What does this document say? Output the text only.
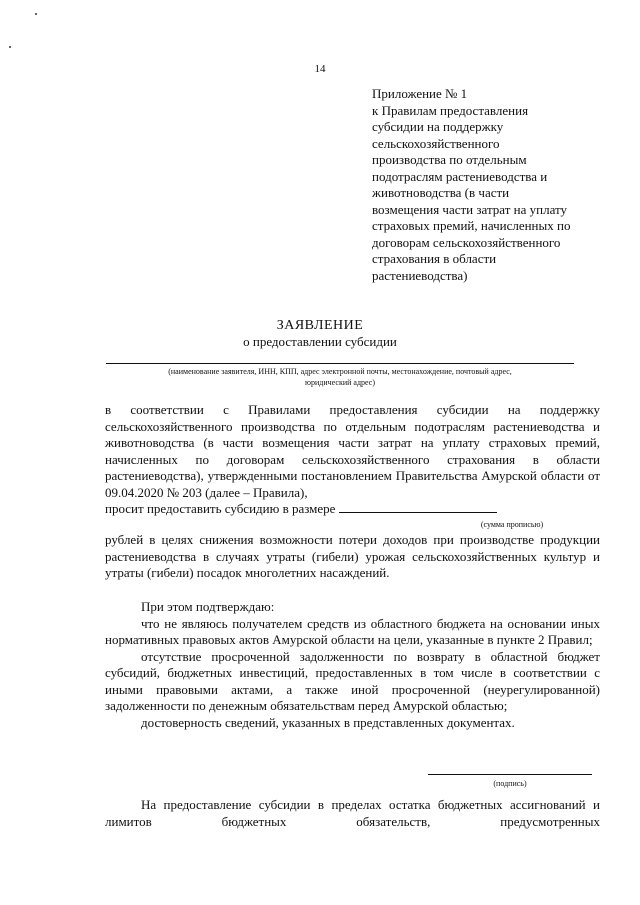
14
Приложение № 1
к Правилам предоставления
субсидии на поддержку
сельскохозяйственного
производства по отдельным
подотраслям растениеводства и
животноводства (в части
возмещения части затрат на уплату
страховых премий, начисленных по
договорам сельскохозяйственного
страхования в области
растениеводства)
ЗАЯВЛЕНИЕ
о предоставлении субсидии
(наименование заявителя, ИНН, КПП, адрес электронной почты, местонахождение, почтовый адрес,
юридический адрес)

в соответствии с Правилами предоставления субсидии на поддержку сельскохозяйственного производства по отдельным подотраслям растениеводства и животноводства (в части возмещения части затрат на уплату страховых премий, начисленных по договорам сельскохозяйственного страхования в области растениеводства), утвержденными постановлением Правительства Амурской области от 09.04.2020 № 203 (далее – Правила),

просит предоставить субсидию в размере

(сумма прописью)
рублей в целях снижения возможности потери доходов при производстве продукции растениеводства в случаях утраты (гибели) урожая сельскохозяйственных культур и утраты (гибели) посадок многолетних насаждений.

При этом подтверждаю:

что не являюсь получателем средств из областного бюджета на основании иных нормативных правовых актов Амурской области на цели, указанные в пункте 2 Правил;

отсутствие просроченной задолженности по возврату в областной бюджет субсидий, бюджетных инвестиций, предоставленных в том числе в соответствии с иными правовыми актами, а также иной просроченной (неурегулированной) задолженности по денежным обязательствам перед Амурской областью;

достоверность сведений, указанных в представленных документах.

(подпись)
На предоставление субсидии в пределах остатка бюджетных ассигнований и лимитов бюджетных обязательств, предусмотренных
